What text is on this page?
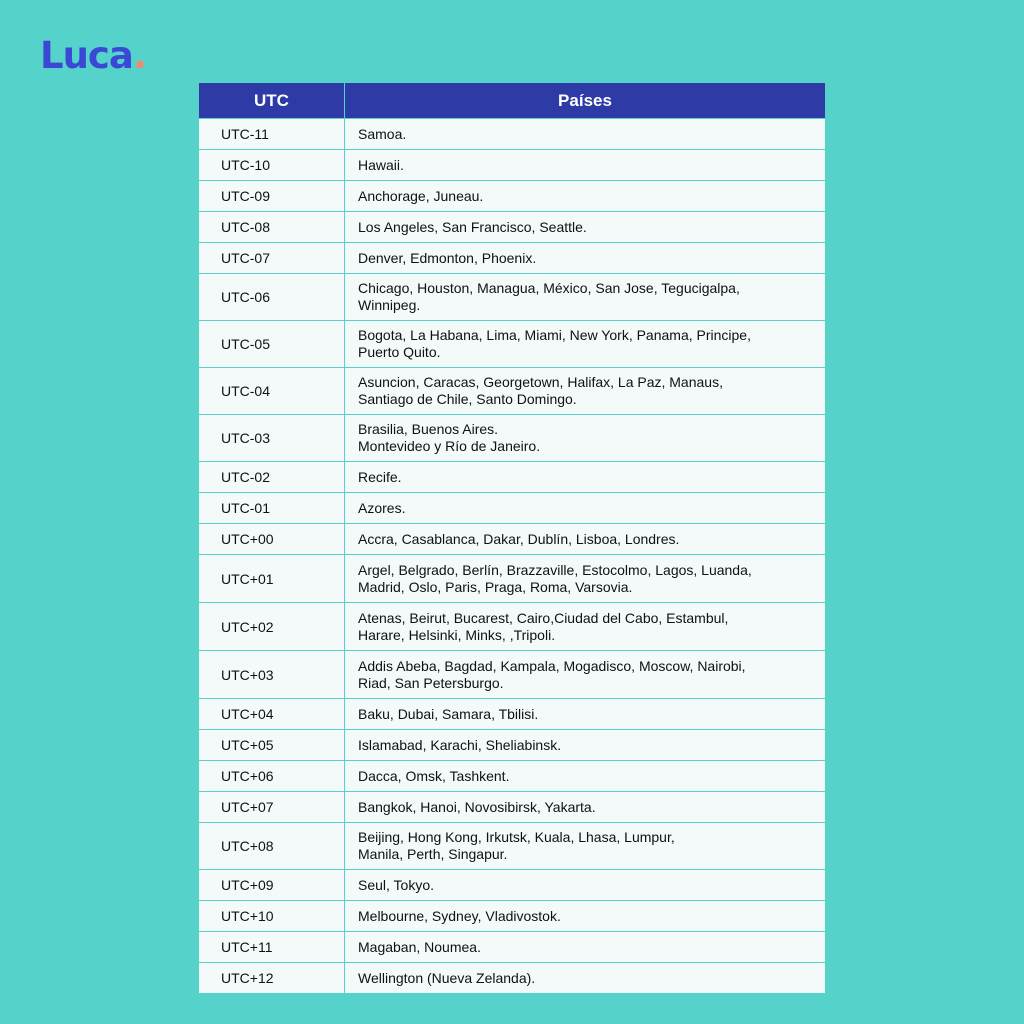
Luca.
UTC	Países
UTC-11	Samoa.

UTC-10	Hawaii.

UTC-09	Anchorage, Juneau.

UTC-08	Los Angeles, San Francisco, Seattle.

UTC-07	Denver, Edmonton, Phoenix.

UTC-06	Chicago, Houston, Managua, México, San Jose, Tegucigalpa,
Winnipeg.

UTC-05	Bogota, La Habana, Lima, Miami, New York, Panama, Principe,
Puerto Quito.

UTC-04	Asuncion, Caracas, Georgetown, Halifax, La Paz, Manaus,
Santiago de Chile, Santo Domingo.

UTC-03	Brasilia, Buenos Aires.
Montevideo y Río de Janeiro.

UTC-02	Recife.

UTC-01	Azores.

UTC+00	Accra, Casablanca, Dakar, Dublín, Lisboa, Londres.

UTC+01	Argel, Belgrado, Berlín, Brazzaville, Estocolmo, Lagos, Luanda,
Madrid, Oslo, Paris, Praga, Roma, Varsovia.

UTC+02	Atenas, Beirut, Bucarest, Cairo,Ciudad del Cabo, Estambul,
Harare, Helsinki, Minks, ,Tripoli.

UTC+03	Addis Abeba, Bagdad, Kampala, Mogadisco, Moscow, Nairobi,
Riad, San Petersburgo.

UTC+04	Baku, Dubai, Samara, Tbilisi.

UTC+05	Islamabad, Karachi, Sheliabinsk.

UTC+06	Dacca, Omsk, Tashkent.

UTC+07	Bangkok, Hanoi, Novosibirsk, Yakarta.

UTC+08	Beijing, Hong Kong, Irkutsk, Kuala, Lhasa, Lumpur,
Manila, Perth, Singapur.

UTC+09	Seul, Tokyo.

UTC+10	Melbourne, Sydney, Vladivostok.

UTC+11	Magaban, Noumea.

UTC+12	Wellington (Nueva Zelanda).
